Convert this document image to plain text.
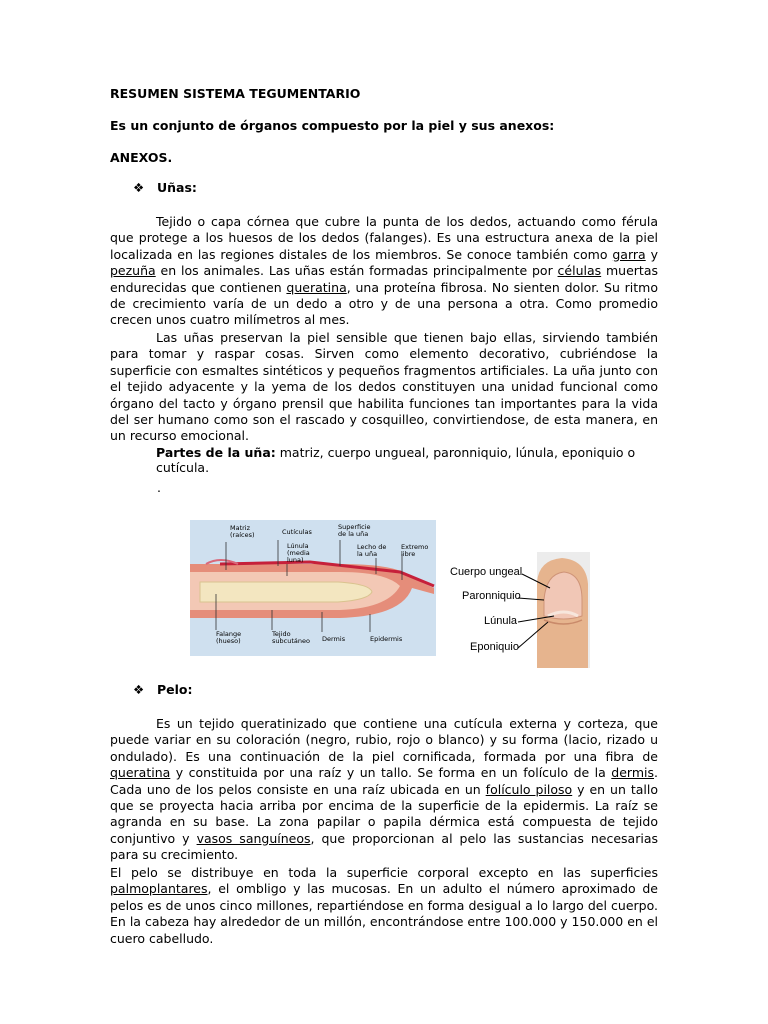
RESUMEN SISTEMA TEGUMENTARIO
Es un conjunto de órganos compuesto por la piel y sus anexos:
ANEXOS.
❖ Uñas:

Tejido o capa córnea que cubre la punta de los dedos, actuando como férula que protege a los huesos de los dedos (falanges). Es una estructura anexa de la piel localizada en las regiones distales de los miembros. Se conoce también como garra y pezuña en los animales. Las uñas están formadas principalmente por células muertas endurecidas que contienen queratina, una proteína fibrosa. No sienten dolor. Su ritmo de crecimiento varía de un dedo a otro y de una persona a otra. Como promedio crecen unos cuatro milímetros al mes.

Las uñas preservan la piel sensible que tienen bajo ellas, sirviendo también para tomar y raspar cosas. Sirven como elemento decorativo, cubriéndose la superficie con esmaltes sintéticos y pequeños fragmentos artificiales. La uña junto con el tejido adyacente y la yema de los dedos constituyen una unidad funcional como órgano del tacto y órgano prensil que habilita funciones tan importantes para la vida del ser humano como son el rascado y cosquilleo, convirtiendose, de esta manera, en un recurso emocional.

Partes de la uña: matriz, cuerpo ungueal, paronniquio, lúnula, eponiquio o cutícula.
.
Matriz (raíces)	Cutículas
Superficie de la uña
Lúnula (media luna)
Lecho de la uña
Extremo libre
Falange (hueso)
Tejido subcutáneo Dermis	Epidermis
Cuerpo ungeal
Paronniquio
Lúnula
Eponiquio
❖ Pelo:

Es un tejido queratinizado que contiene una cutícula externa y corteza, que puede variar en su coloración (negro, rubio, rojo o blanco) y su forma (lacio, rizado u ondulado). Es una continuación de la piel cornificada, formada por una fibra de queratina y constituida por una raíz y un tallo. Se forma en un folículo de la dermis. Cada uno de los pelos consiste en una raíz ubicada en un folículo piloso y en un tallo que se proyecta hacia arriba por encima de la superficie de la epidermis. La raíz se agranda en su base. La zona papilar o papila dérmica está compuesta de tejido conjuntivo y vasos sanguíneos, que proporcionan al pelo las sustancias necesarias para su crecimiento.

El pelo se distribuye en toda la superficie corporal excepto en las superficies palmoplantares, el ombligo y las mucosas. En un adulto el número aproximado de pelos es de unos cinco millones, repartiéndose en forma desigual a lo largo del cuerpo. En la cabeza hay alrededor de un millón, encontrándose entre 100.000 y 150.000 en el cuero cabelludo.
